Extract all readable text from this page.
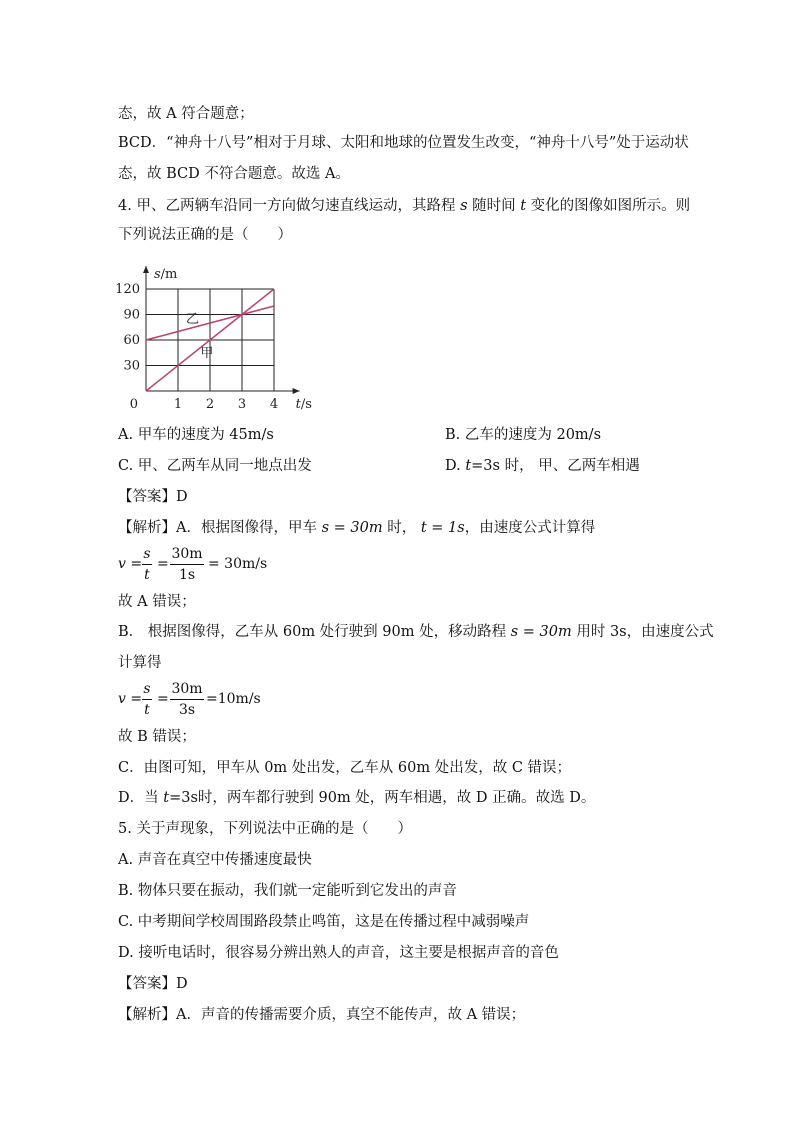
态，故 A 符合题意；
BCD．“神舟十八号”相对于月球、太阳和地球的位置发生改变，“神舟十八号”处于运动状
态，故 BCD 不符合题意。故选 A。
4. 甲、乙两辆车沿同一方向做匀速直线运动，其路程 s 随时间 t 变化的图像如图所示。则
下列说法正确的是（　　）
甲
乙
1 2 3 4
30
60
90
120
0	t/s
s/m
A. 甲车的速度为 45m/s	B. 乙车的速度为 20m/s
C. 甲、乙两车从同一地点出发	D. t=3s 时， 甲、乙两车相遇
【答案】D
【解析】A．根据图像得，甲车 s = 30m 时， t = 1s，由速度公式计算得
v =
s
t
=
30m
1s
= 30m/s
故 A 错误；
B． 根据图像得，乙车从 60m 处行驶到 90m 处，移动路程 s = 30m 用时 3s，由速度公式
计算得
v =
s
t
=
30m
3s
=10m/s
故 B 错误；
C．由图可知，甲车从 0m 处出发，乙车从 60m 处出发，故 C 错误；
D．当 t=3s时，两车都行驶到 90m 处，两车相遇，故 D 正确。故选 D。
5. 关于声现象，下列说法中正确的是（　　）
A. 声音在真空中传播速度最快
B. 物体只要在振动，我们就一定能听到它发出的声音
C. 中考期间学校周围路段禁止鸣笛，这是在传播过程中减弱噪声
D. 接听电话时，很容易分辨出熟人的声音，这主要是根据声音的音色
【答案】D
【解析】A．声音的传播需要介质，真空不能传声，故 A 错误；
